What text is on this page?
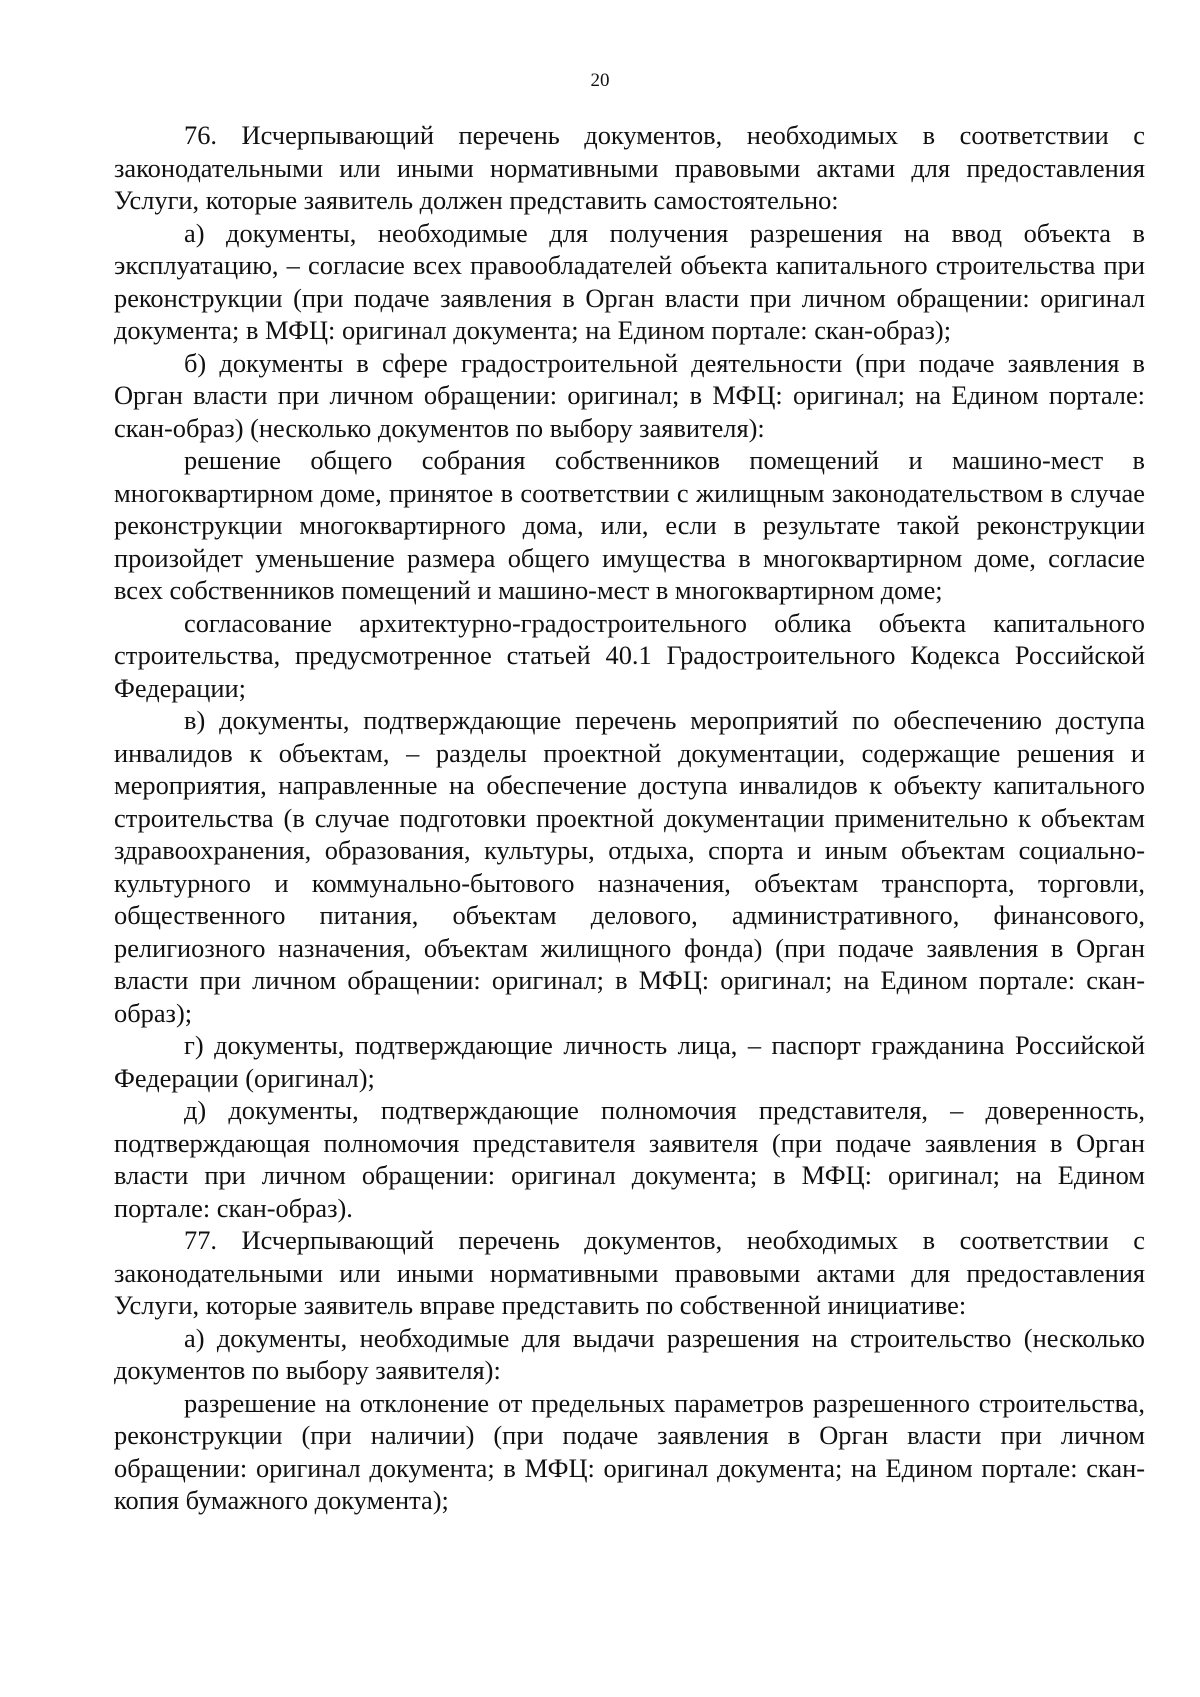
20

76. Исчерпывающий перечень документов, необходимых в соответствии с законодательными или иными нормативными правовыми актами для предоставления Услуги, которые заявитель должен представить самостоятельно:

а) документы, необходимые для получения разрешения на ввод объекта в эксплуатацию, – согласие всех правообладателей объекта капитального строительства при реконструкции (при подаче заявления в Орган власти при личном обращении: оригинал документа; в МФЦ: оригинал документа; на Едином портале: скан-образ);

б) документы в сфере градостроительной деятельности (при подаче заявления в Орган власти при личном обращении: оригинал; в МФЦ: оригинал; на Едином портале: скан-образ) (несколько документов по выбору заявителя):

решение общего собрания собственников помещений и машино-мест в многоквартирном доме, принятое в соответствии с жилищным законодательством в случае реконструкции многоквартирного дома, или, если в результате такой реконструкции произойдет уменьшение размера общего имущества в многоквартирном доме, согласие всех собственников помещений и машино-мест в многоквартирном доме;

согласование архитектурно-градостроительного облика объекта капитального строительства, предусмотренное статьей 40.1 Градостроительного Кодекса Российской Федерации;

в) документы, подтверждающие перечень мероприятий по обеспечению доступа инвалидов к объектам, – разделы проектной документации, содержащие решения и мероприятия, направленные на обеспечение доступа инвалидов к объекту капитального строительства (в случае подготовки проектной документации применительно к объектам здравоохранения, образования, культуры, отдыха, спорта и иным объектам социально-культурного и коммунально-бытового назначения, объектам транспорта, торговли, общественного питания, объектам делового, административного, финансового, религиозного назначения, объектам жилищного фонда) (при подаче заявления в Орган власти при личном обращении: оригинал; в МФЦ: оригинал; на Едином портале: скан-образ);

г) документы, подтверждающие личность лица, – паспорт гражданина Российской Федерации (оригинал);

д) документы, подтверждающие полномочия представителя, – доверенность, подтверждающая полномочия представителя заявителя (при подаче заявления в Орган власти при личном обращении: оригинал документа; в МФЦ: оригинал; на Едином портале: скан-образ).

77. Исчерпывающий перечень документов, необходимых в соответствии с законодательными или иными нормативными правовыми актами для предоставления Услуги, которые заявитель вправе представить по собственной инициативе:

а) документы, необходимые для выдачи разрешения на строительство (несколько документов по выбору заявителя):

разрешение на отклонение от предельных параметров разрешенного строительства, реконструкции (при наличии) (при подаче заявления в Орган власти при личном обращении: оригинал документа; в МФЦ: оригинал документа; на Едином портале: скан-копия бумажного документа);
